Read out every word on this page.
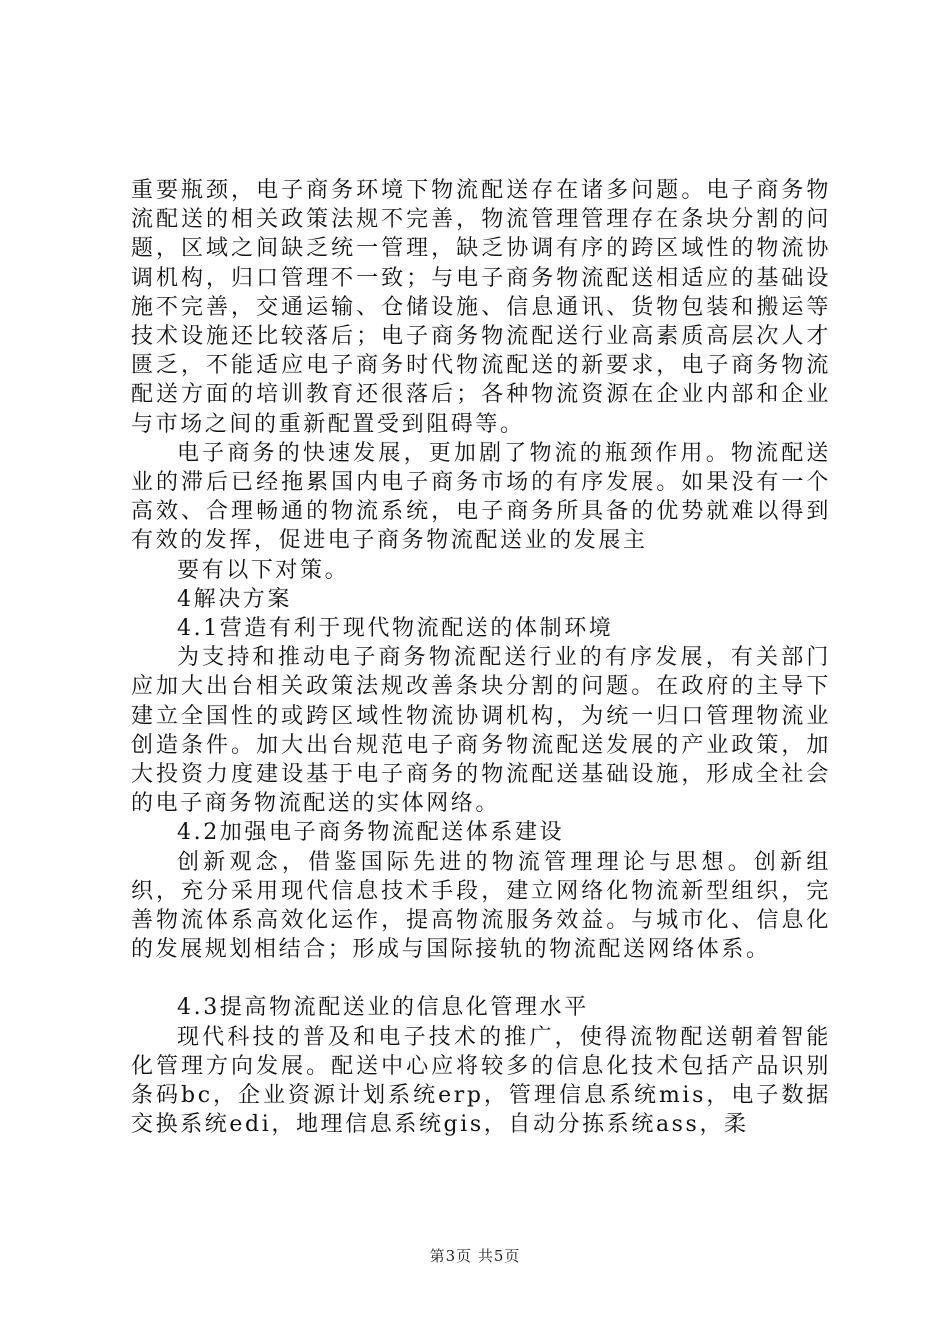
重要瓶颈，电子商务环境下物流配送存在诸多问题。电子商务物流配送的相关政策法规不完善，物流管理管理存在条块分割的问题，区域之间缺乏统一管理，缺乏协调有序的跨区域性的物流协调机构，归口管理不一致；与电子商务物流配送相适应的基础设施不完善，交通运输、仓储设施、信息通讯、货物包装和搬运等技术设施还比较落后；电子商务物流配送行业高素质高层次人才匮乏，不能适应电子商务时代物流配送的新要求，电子商务物流配送方面的培训教育还很落后；各种物流资源在企业内部和企业与市场之间的重新配置受到阻碍等。

电子商务的快速发展，更加剧了物流的瓶颈作用。物流配送业的滞后已经拖累国内电子商务市场的有序发展。如果没有一个高效、合理畅通的物流系统，电子商务所具备的优势就难以得到有效的发挥，促进电子商务物流配送业的发展主

要有以下对策。

4解决方案

4.1营造有利于现代物流配送的体制环境

为支持和推动电子商务物流配送行业的有序发展，有关部门应加大出台相关政策法规改善条块分割的问题。在政府的主导下建立全国性的或跨区域性物流协调机构，为统一归口管理物流业创造条件。加大出台规范电子商务物流配送发展的产业政策，加大投资力度建设基于电子商务的物流配送基础设施，形成全社会的电子商务物流配送的实体网络。

4.2加强电子商务物流配送体系建设

创新观念，借鉴国际先进的物流管理理论与思想。创新组织，充分采用现代信息技术手段，建立网络化物流新型组织，完善物流体系高效化运作，提高物流服务效益。与城市化、信息化的发展规划相结合；形成与国际接轨的物流配送网络体系。

4.3提高物流配送业的信息化管理水平

现代科技的普及和电子技术的推广，使得流物配送朝着智能化管理方向发展。配送中心应将较多的信息化技术包括产品识别条码bc，企业资源计划系统erp，管理信息系统mis，电子数据交换系统edi，地理信息系统gis，自动分拣系统ass，柔

第3页 共5页
